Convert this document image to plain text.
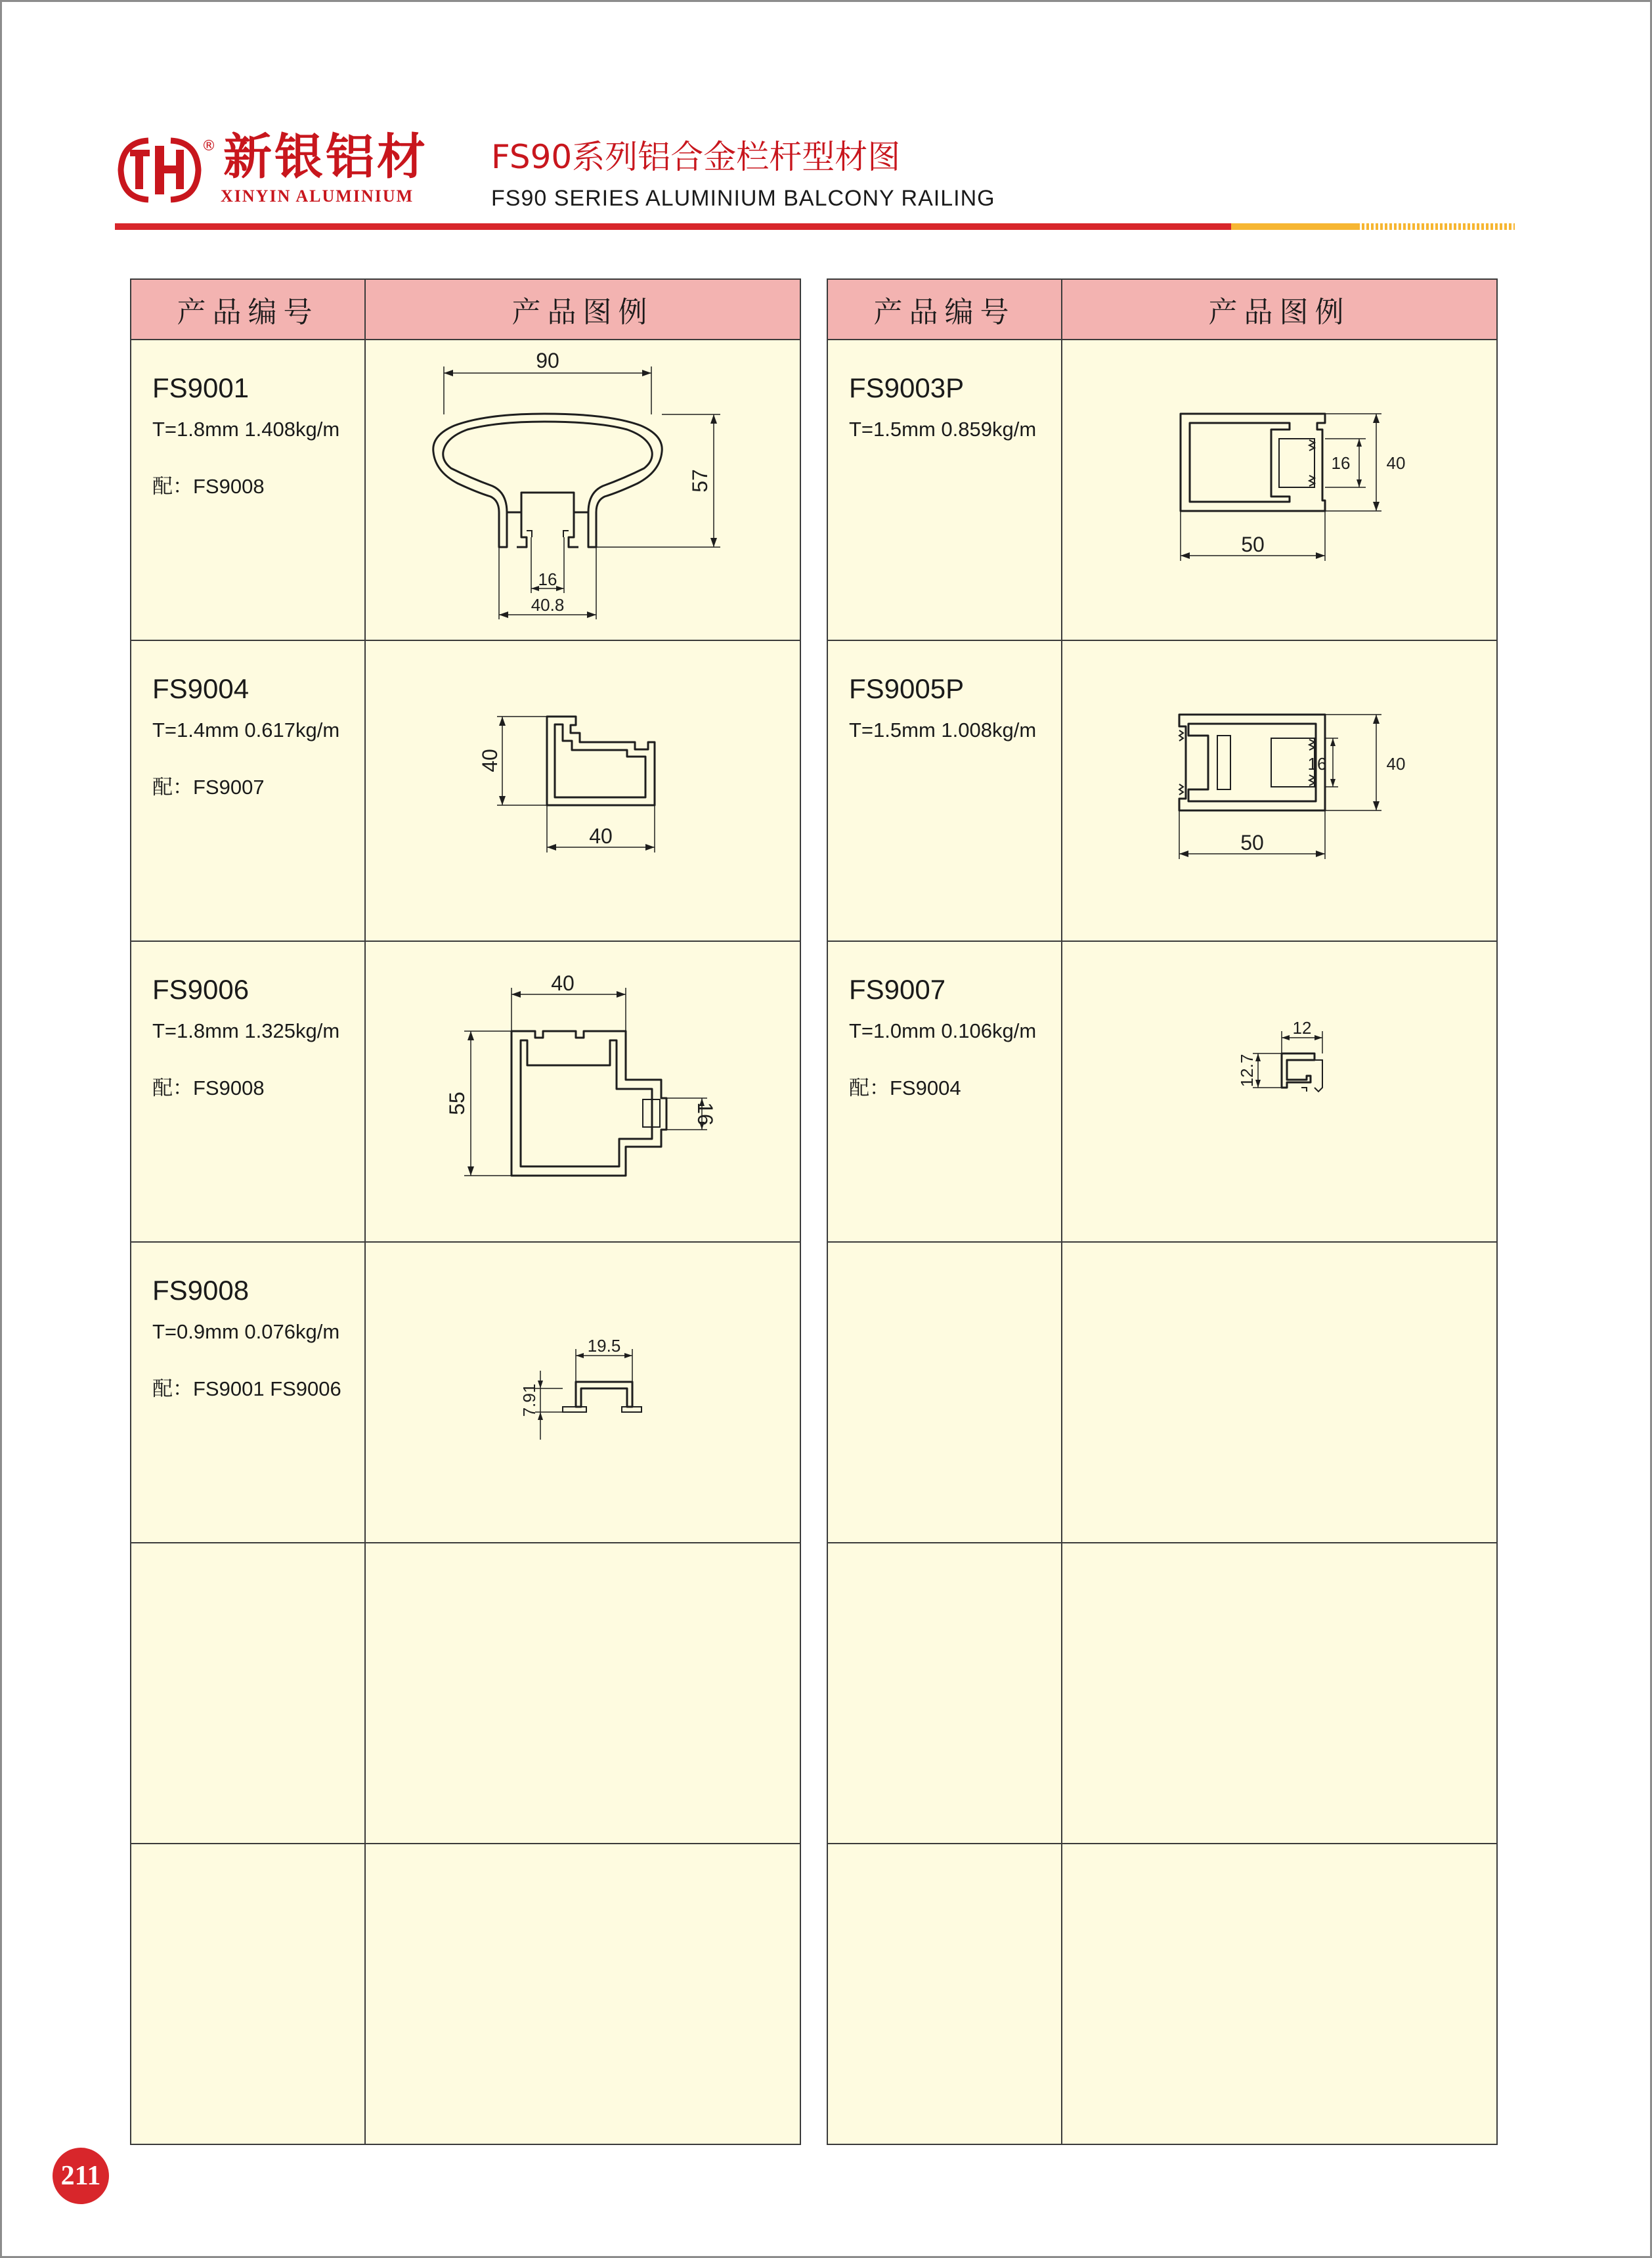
® 新银铝材
XINYIN ALUMINIUM
FS90系列铝合金栏杆型材图
FS90 SERIES ALUMINIUM BALCONY RAILING
产品编号	产品图例

FS9001
T=1.8mm 1.408kg/m
配：FS9008	90
57
16
40.8

FS9004
T=1.4mm 0.617kg/m
配：FS9007	40
40

FS9006
T=1.8mm 1.325kg/m
配：FS9008	40
55 16

FS9008
T=0.9mm 0.076kg/m
配：FS9001 FS9006	19.5
7.91

产品编号	产品图例

FS9003P
T=1.5mm 0.859kg/m	16 40
50

FS9005P
T=1.5mm 1.008kg/m	16 40
50

FS9007
T=1.0mm 0.106kg/m
配：FS9004	12
12.7

211
